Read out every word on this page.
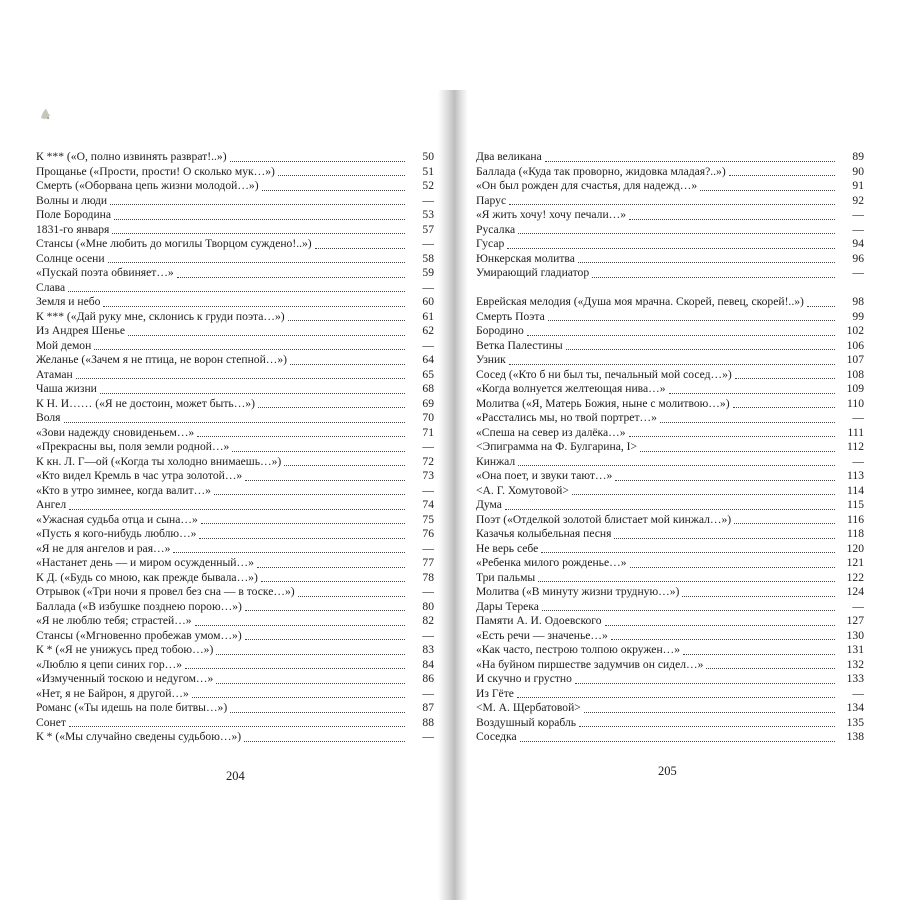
К *** («О, полно извинять разврат!..»)	50
Прощанье («Прости, прости! О сколько мук…»)	51
Смерть («Оборвана цепь жизни молодой…»)	52
Волны и люди	—
Поле Бородина	53
1831-го января	57
Стансы («Мне любить до могилы Творцом суждено!..»)	—
Солнце осени	58
«Пускай поэта обвиняет…»	59
Слава	—
Земля и небо	60
К *** («Дай руку мне, склонись к груди поэта…»)	61
Из Андрея Шенье	62
Мой демон	—
Желанье («Зачем я не птица, не ворон степной…»)	64
Атаман	65
Чаша жизни	68
К Н. И…… («Я не достоин, может быть…»)	69
Воля	70
«Зови надежду сновиденьем…»	71
«Прекрасны вы, поля земли родной…»	—
К кн. Л. Г—ой («Когда ты холодно внимаешь…»)	72
«Кто видел Кремль в час утра золотой…»	73
«Кто в утро зимнее, когда валит…»	—
Ангел	74
«Ужасная судьба отца и сына…»	75
«Пусть я кого-нибудь люблю…»	76
«Я не для ангелов и рая…»	—
«Настанет день — и миром осужденный…»	77
К Д. («Будь со мною, как прежде бывала…»)	78
Отрывок («Три ночи я провел без сна — в тоске…»)	—
Баллада («В избушке позднею порою…»)	80
«Я не люблю тебя; страстей…»	82
Стансы («Мгновенно пробежав умом…»)	—
К * («Я не унижусь пред тобою…»)	83
«Люблю я цепи синих гор…»	84
«Измученный тоскою и недугом…»	86
«Нет, я не Байрон, я другой…»	—
Романс («Ты идешь на поле битвы…»)	87
Сонет	88
К * («Мы случайно сведены судьбою…»)	—
204
Два великана	89
Баллада («Куда так проворно, жидовка младая?..»)	90
«Он был рожден для счастья, для надежд…»	91
Парус	92
«Я жить хочу! хочу печали…»	—
Русалка	—
Гусар	94
Юнкерская молитва	96
Умирающий гладиатор	—
Еврейская мелодия («Душа моя мрачна. Скорей, певец, скорей!..»)	98
Смерть Поэта	99
Бородино	102
Ветка Палестины	106
Узник	107
Сосед («Кто б ни был ты, печальный мой сосед…»)	108
«Когда волнуется желтеющая нива…»	109
Молитва («Я, Матерь Божия, ныне с молитвою…»)	110
«Расстались мы, но твой портрет…»	—
«Спеша на север из далёка…»	111
<Эпиграмма на Ф. Булгарина, I>	112
Кинжал	—
«Она поет, и звуки тают…»	113
<А. Г. Хомутовой>	114
Дума	115
Поэт («Отделкой золотой блистает мой кинжал…»)	116
Казачья колыбельная песня	118
Не верь себе	120
«Ребенка милого рожденье…»	121
Три пальмы	122
Молитва («В минуту жизни трудную…»)	124
Дары Терека	—
Памяти А. И. Одоевского	127
«Есть речи — значенье…»	130
«Как часто, пестрою толпою окружен…»	131
«На буйном пиршестве задумчив он сидел…»	132
И скучно и грустно	133
Из Гёте	—
<М. А. Щербатовой>	134
Воздушный корабль	135
Соседка	138
205
